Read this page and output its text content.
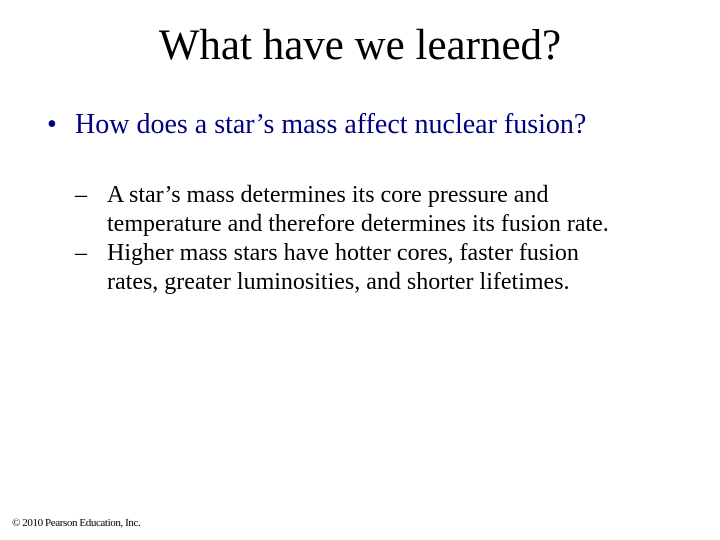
What have we learned?
• How does a star’s mass affect nuclear fusion?
– A star’s mass determines its core pressure and temperature and therefore determines its fusion rate.
– Higher mass stars have hotter cores, faster fusion rates, greater luminosities, and shorter lifetimes.
© 2010 Pearson Education, Inc.
